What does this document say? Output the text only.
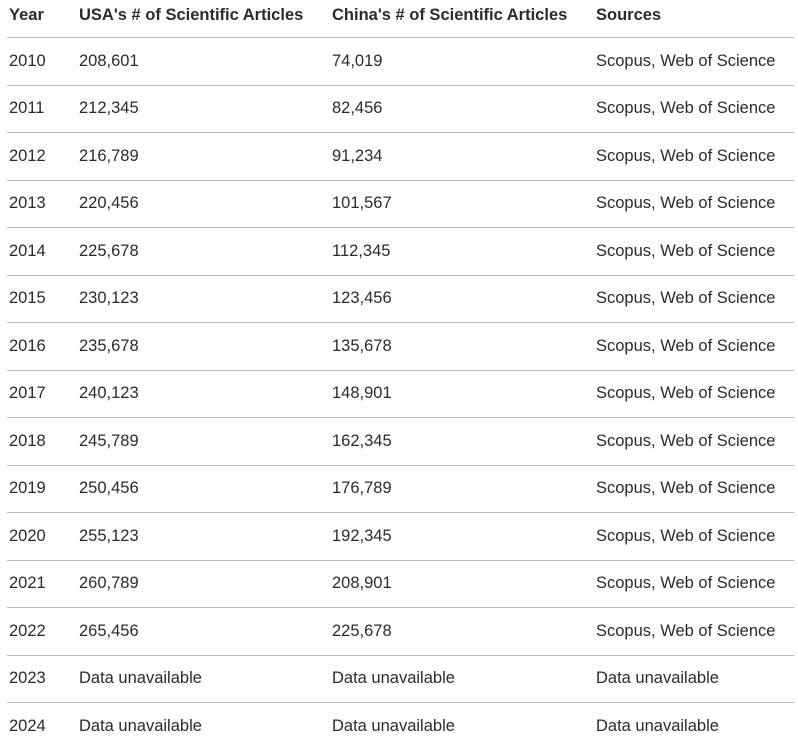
Year	USA's # of Scientific Articles	China's # of Scientific Articles	Sources
2010	208,601	74,019	Scopus, Web of Science
2011	212,345	82,456	Scopus, Web of Science
2012	216,789	91,234	Scopus, Web of Science
2013	220,456	101,567	Scopus, Web of Science
2014	225,678	112,345	Scopus, Web of Science
2015	230,123	123,456	Scopus, Web of Science
2016	235,678	135,678	Scopus, Web of Science
2017	240,123	148,901	Scopus, Web of Science
2018	245,789	162,345	Scopus, Web of Science
2019	250,456	176,789	Scopus, Web of Science
2020	255,123	192,345	Scopus, Web of Science
2021	260,789	208,901	Scopus, Web of Science
2022	265,456	225,678	Scopus, Web of Science
2023	Data unavailable	Data unavailable	Data unavailable
2024	Data unavailable	Data unavailable	Data unavailable
